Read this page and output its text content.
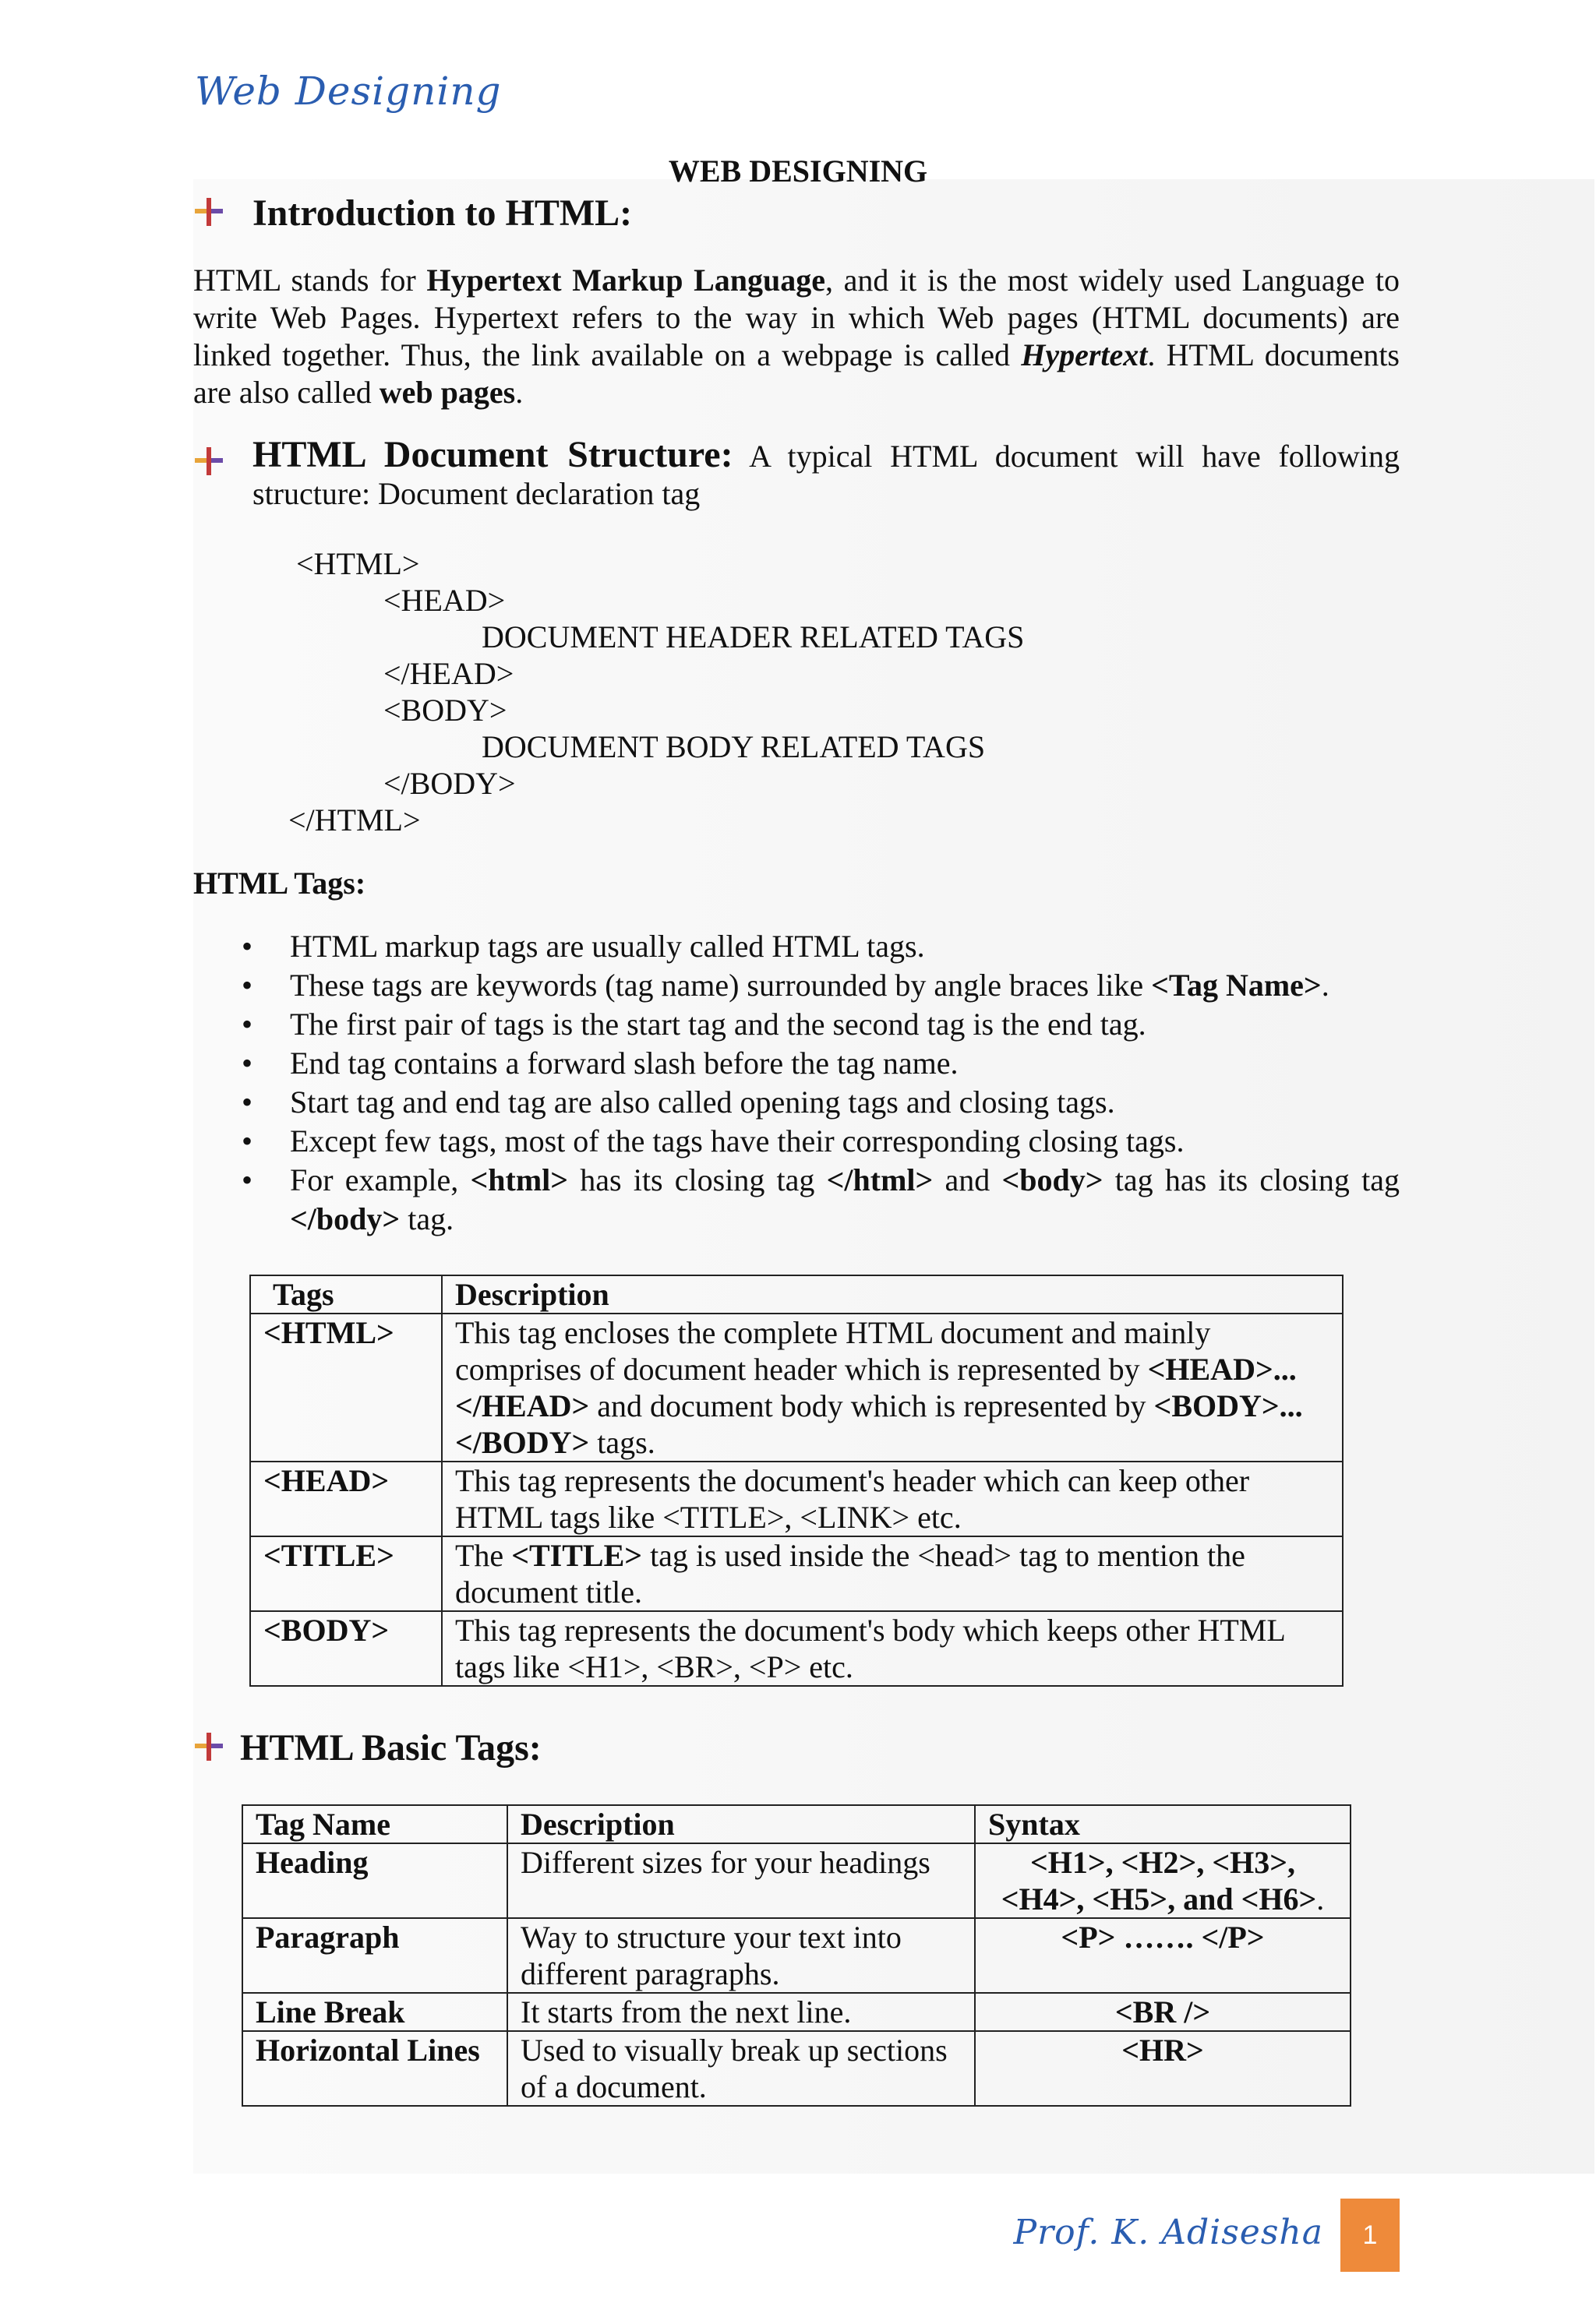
Web Designing
WEB DESIGNING
Introduction to HTML:
HTML stands for Hypertext Markup Language, and it is the most widely used Language to write Web Pages. Hypertext refers to the way in which Web pages (HTML documents) are linked together. Thus, the link available on a webpage is called Hypertext. HTML documents are also called web pages.
HTML Document Structure: A typical HTML document will have following structure: Document declaration tag
<HTML>
<HEAD>
DOCUMENT HEADER RELATED TAGS
</HEAD>
<BODY>
DOCUMENT BODY RELATED TAGS
</BODY>
</HTML>
HTML Tags:
• HTML markup tags are usually called HTML tags.
• These tags are keywords (tag name) surrounded by angle braces like <Tag Name>.
• The first pair of tags is the start tag and the second tag is the end tag.
• End tag contains a forward slash before the tag name.
• Start tag and end tag are also called opening tags and closing tags.
• Except few tags, most of the tags have their corresponding closing tags.
• For example, <html> has its closing tag </html> and <body> tag has its closing tag </body> tag.
Tags	Description
<HTML>	This tag encloses the complete HTML document and mainly comprises of document header which is represented by <HEAD>...</HEAD> and document body which is represented by <BODY>...</BODY> tags.
<HEAD>	This tag represents the document's header which can keep other HTML tags like <TITLE>, <LINK> etc.
<TITLE>	The <TITLE> tag is used inside the <head> tag to mention the document title.
<BODY>	This tag represents the document's body which keeps other HTML tags like <H1>, <BR>, <P> etc.
HTML Basic Tags:
Tag Name	Description	Syntax
Heading	Different sizes for your headings	<H1>, <H2>, <H3>, <H4>, <H5>, and <H6>.
Paragraph	Way to structure your text into different paragraphs.	<P> ……. </P>
Line Break	It starts from the next line.	<BR />
Horizontal Lines	Used to visually break up sections of a document.	<HR>
Prof. K. Adisesha	1
